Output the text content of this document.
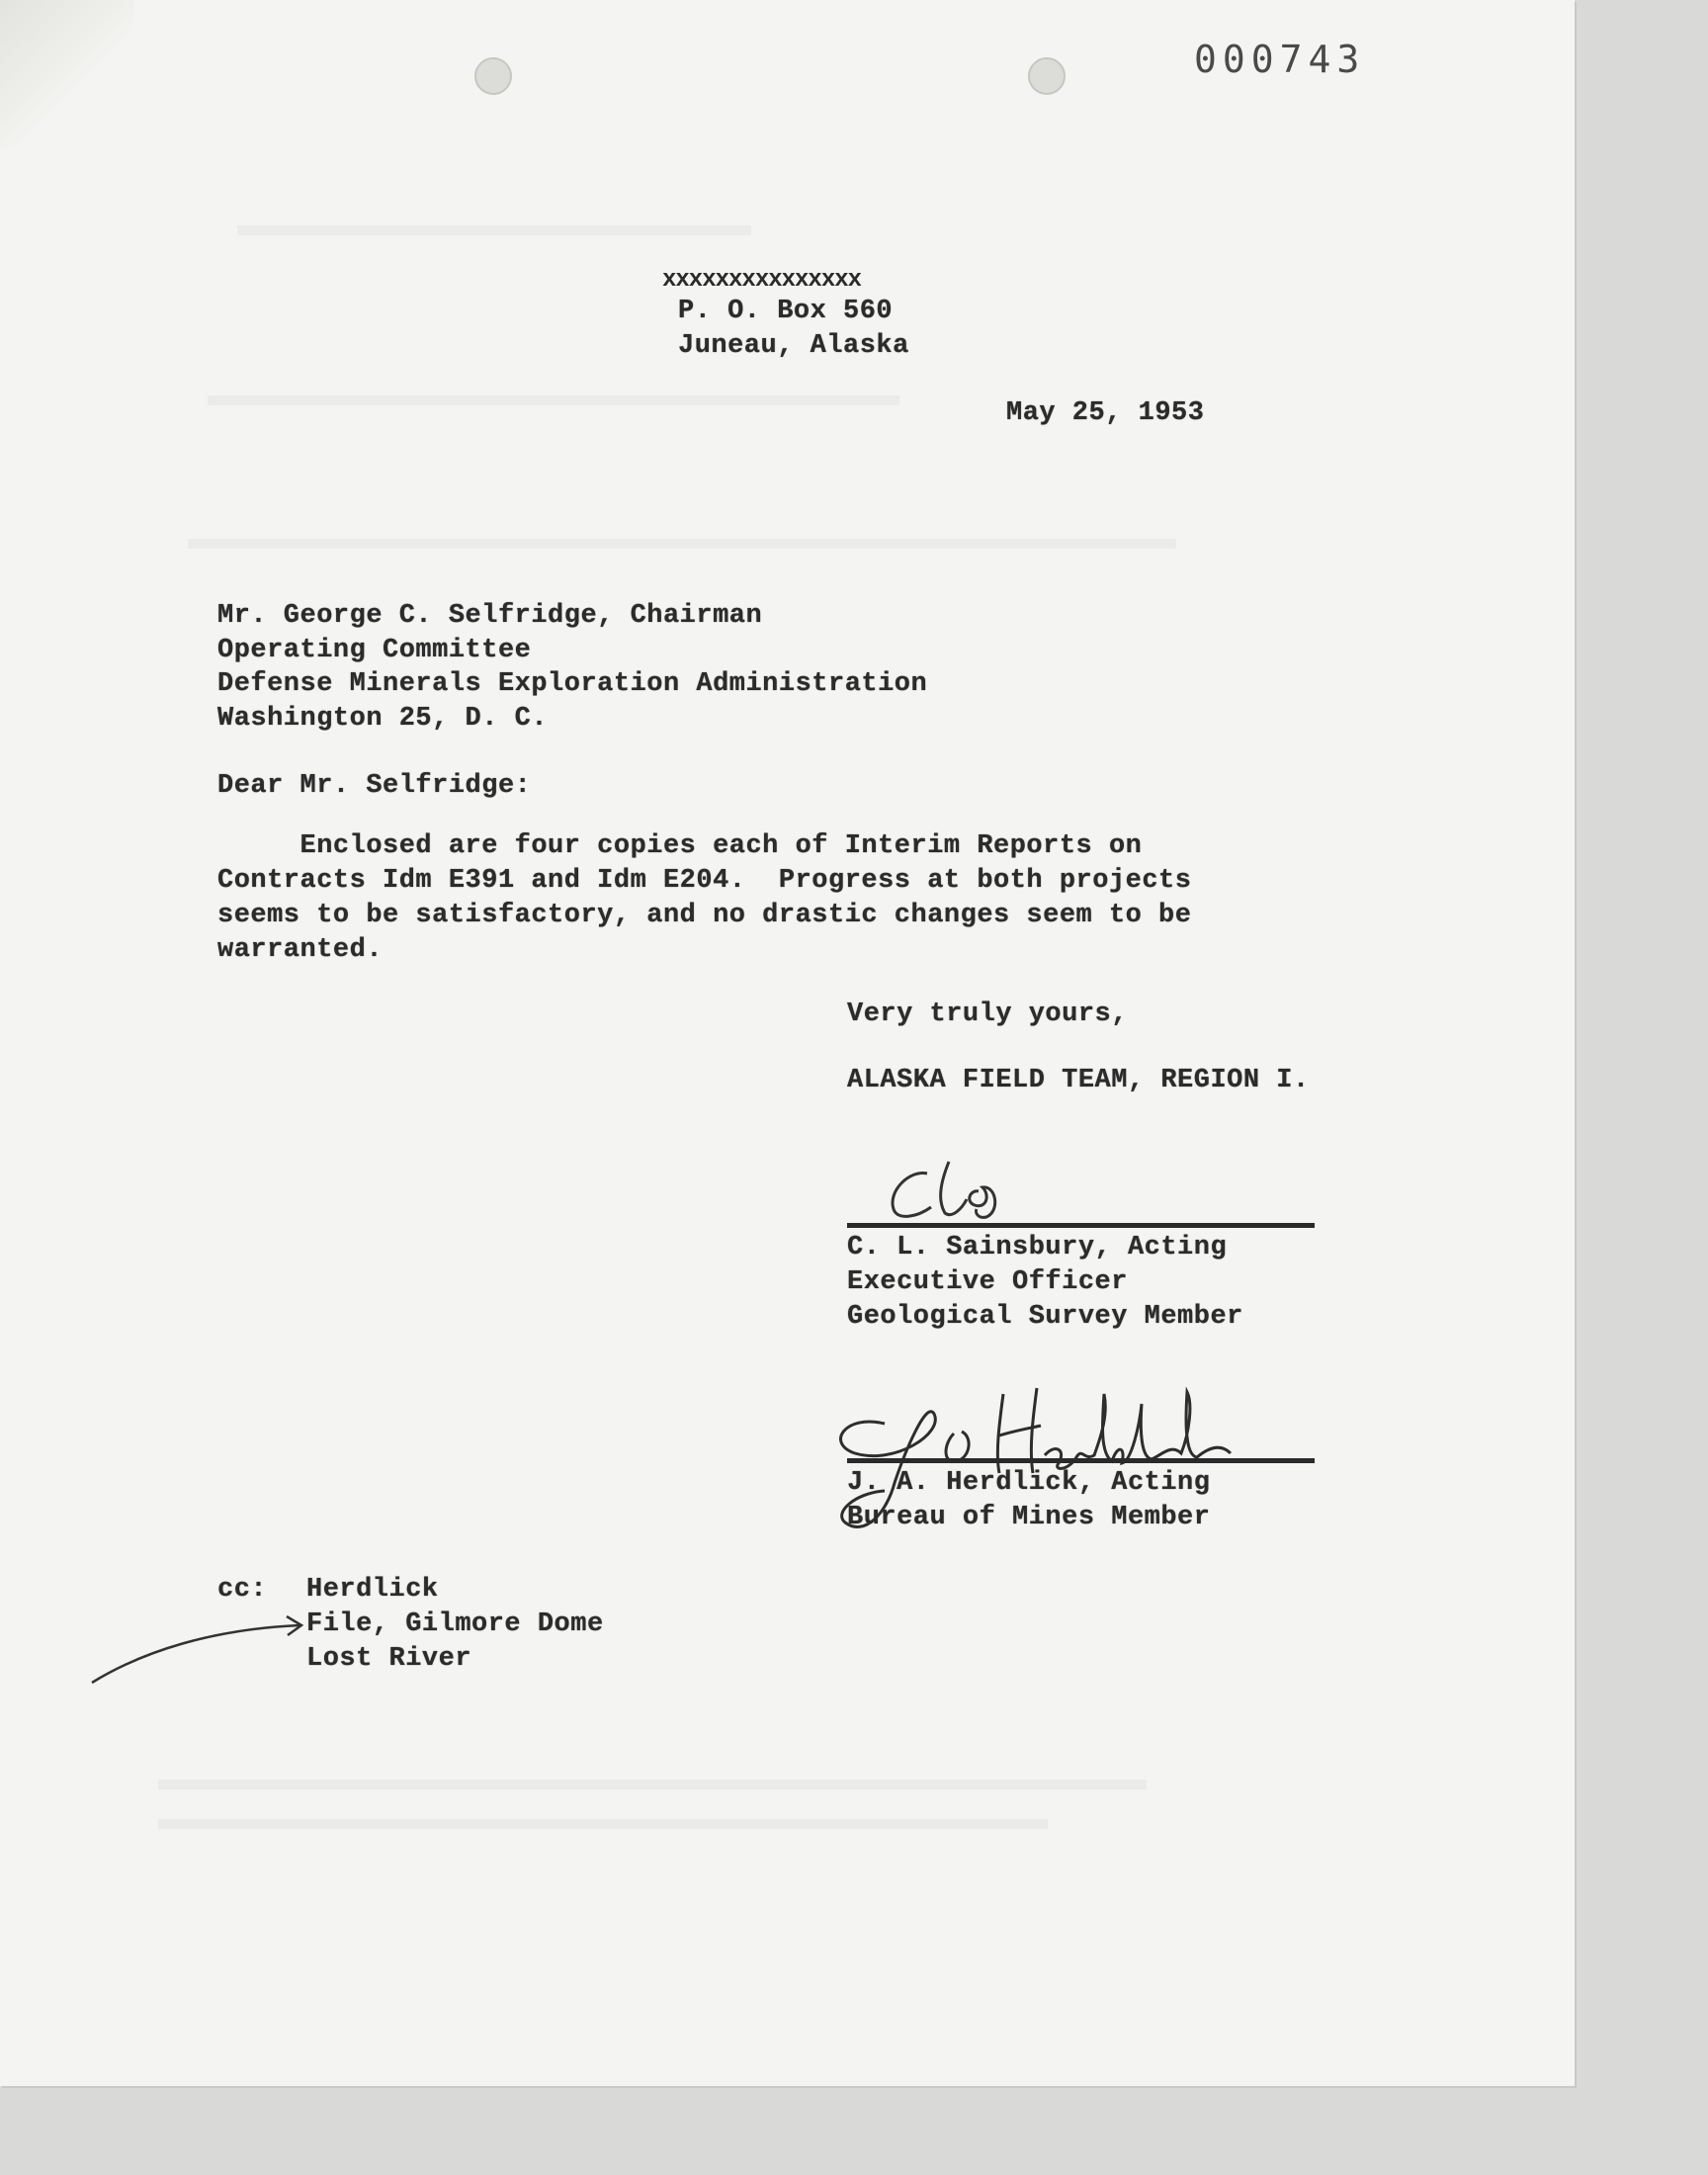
000743
xxxxxxxxxxxxxxx
P. O. Box 560
Juneau, Alaska
May 25, 1953
Mr. George C. Selfridge, Chairman
Operating Committee
Defense Minerals Exploration Administration
Washington 25, D. C.
Dear Mr. Selfridge:
Enclosed are four copies each of Interim Reports on
Contracts Idm E391 and Idm E204.  Progress at both projects
seems to be satisfactory, and no drastic changes seem to be
warranted.
Very truly yours,
ALASKA FIELD TEAM, REGION I.
C. L. Sainsbury, Acting
Executive Officer
Geological Survey Member
J. A. Herdlick, Acting
Bureau of Mines Member
cc: Herdlick
File, Gilmore Dome
Lost River
